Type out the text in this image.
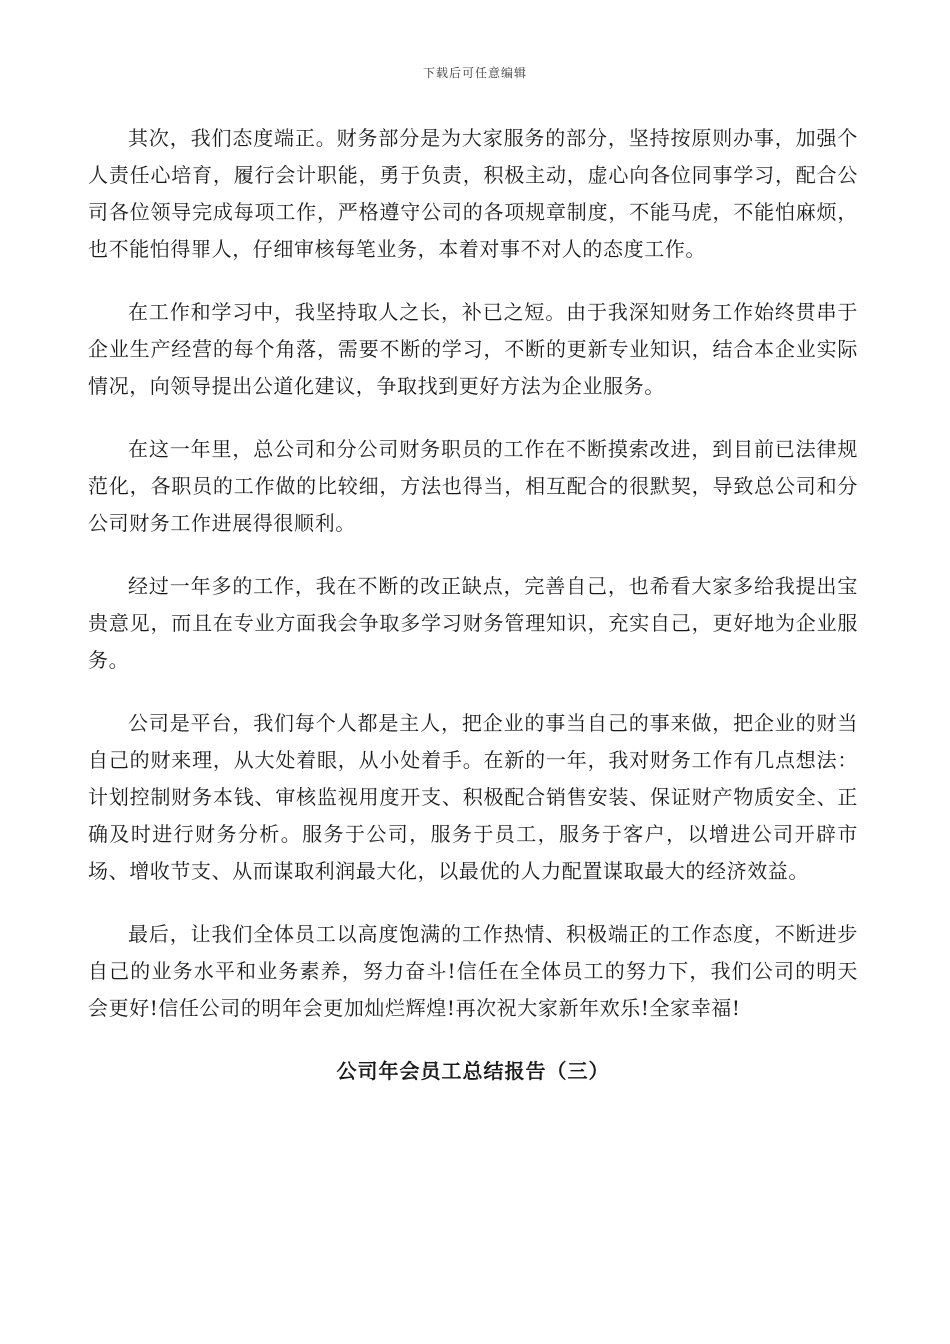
下载后可任意编辑

其次，我们态度端正。财务部分是为大家服务的部分，坚持按原则办事，加强个人责任心培育，履行会计职能，勇于负责，积极主动，虚心向各位同事学习，配合公司各位领导完成每项工作，严格遵守公司的各项规章制度，不能马虎，不能怕麻烦，也不能怕得罪人，仔细审核每笔业务，本着对事不对人的态度工作。

在工作和学习中，我坚持取人之长，补已之短。由于我深知财务工作始终贯串于企业生产经营的每个角落，需要不断的学习，不断的更新专业知识，结合本企业实际情况，向领导提出公道化建议，争取找到更好方法为企业服务。

在这一年里，总公司和分公司财务职员的工作在不断摸索改进，到目前已法律规范化，各职员的工作做的比较细，方法也得当，相互配合的很默契，导致总公司和分公司财务工作进展得很顺利。

经过一年多的工作，我在不断的改正缺点，完善自己，也希看大家多给我提出宝贵意见，而且在专业方面我会争取多学习财务管理知识，充实自己，更好地为企业服务。

公司是平台，我们每个人都是主人，把企业的事当自己的事来做，把企业的财当自己的财来理，从大处着眼，从小处着手。在新的一年，我对财务工作有几点想法：计划控制财务本钱、审核监视用度开支、积极配合销售安装、保证财产物质安全、正确及时进行财务分析。服务于公司，服务于员工，服务于客户，以增进公司开辟市场、增收节支、从而谋取利润最大化，以最优的人力配置谋取最大的经济效益。

最后，让我们全体员工以高度饱满的工作热情、积极端正的工作态度，不断进步自己的业务水平和业务素养，努力奋斗!信任在全体员工的努力下，我们公司的明天会更好!信任公司的明年会更加灿烂辉煌!再次祝大家新年欢乐!全家幸福!

公司年会员工总结报告（三）
